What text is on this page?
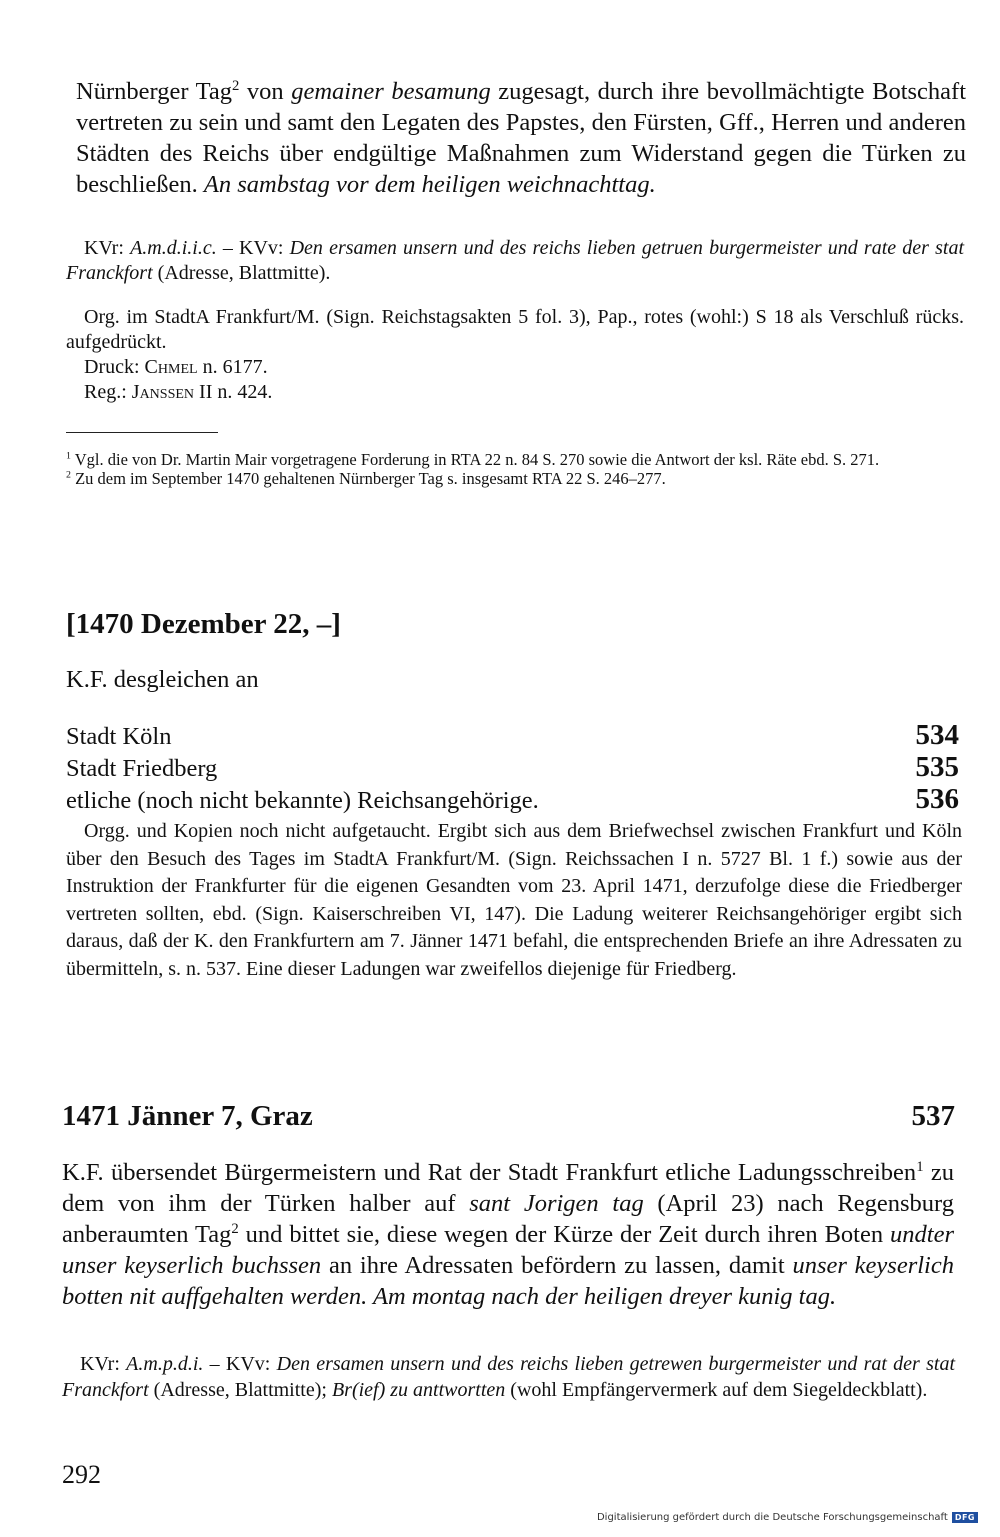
Nürnberger Tag$^2$ von gemainer besamung zugesagt, durch ihre bevollmächtigte Botschaft vertreten zu sein und samt den Legaten des Papstes, den Fürsten, Gff., Herren und anderen Städten des Reichs über endgültige Maßnahmen zum Widerstand gegen die Türken zu beschließen. An sambstag vor dem heiligen weichnachttag.
KVr: A.m.d.i.i.c. – KVv: Den ersamen unsern und des reichs lieben getruen burgermeister und rate der stat Franckfort (Adresse, Blattmitte).
Org. im StadtA Frankfurt/M. (Sign. Reichstagsakten 5 fol. 3), Pap., rotes (wohl:) S 18 als Verschluß rücks. aufgedrückt.
Druck: Chmel n. 6177.
Reg.: Janssen II n. 424.
$^1$ Vgl. die von Dr. Martin Mair vorgetragene Forderung in RTA 22 n. 84 S. 270 sowie die Antwort der ksl. Räte ebd. S. 271.
$^2$ Zu dem im September 1470 gehaltenen Nürnberger Tag s. insgesamt RTA 22 S. 246–277.
[1470 Dezember 22, –]
K.F. desgleichen an
Stadt Köln	534
Stadt Friedberg	535
etliche (noch nicht bekannte) Reichsangehörige.	536
Orgg. und Kopien noch nicht aufgetaucht. Ergibt sich aus dem Briefwechsel zwischen Frankfurt und Köln über den Besuch des Tages im StadtA Frankfurt/M. (Sign. Reichssachen I n. 5727 Bl. 1 f.) sowie aus der Instruktion der Frankfurter für die eigenen Gesandten vom 23. April 1471, derzufolge diese die Friedberger vertreten sollten, ebd. (Sign. Kaiserschreiben VI, 147). Die Ladung weiterer Reichsangehöriger ergibt sich daraus, daß der K. den Frankfurtern am 7. Jänner 1471 befahl, die entsprechenden Briefe an ihre Adressaten zu übermitteln, s. n. 537. Eine dieser Ladungen war zweifellos diejenige für Friedberg.
1471 Jänner 7, Graz	537
K.F. übersendet Bürgermeistern und Rat der Stadt Frankfurt etliche Ladungsschreiben$^1$ zu dem von ihm der Türken halber auf sant Jorigen tag (April 23) nach Regensburg anberaumten Tag$^2$ und bittet sie, diese wegen der Kürze der Zeit durch ihren Boten undter unser keyserlich buchssen an ihre Adressaten befördern zu lassen, damit unser keyserlich botten nit auffgehalten werden. Am montag nach der heiligen dreyer kunig tag.
KVr: A.m.p.d.i. – KVv: Den ersamen unsern und des reichs lieben getrewen burgermeister und rat der stat Franckfort (Adresse, Blattmitte); Br(ief) zu anttwortten (wohl Empfängervermerk auf dem Siegeldeckblatt).
292
Digitalisierung gefördert durch die Deutsche Forschungsgemeinschaft DFG
